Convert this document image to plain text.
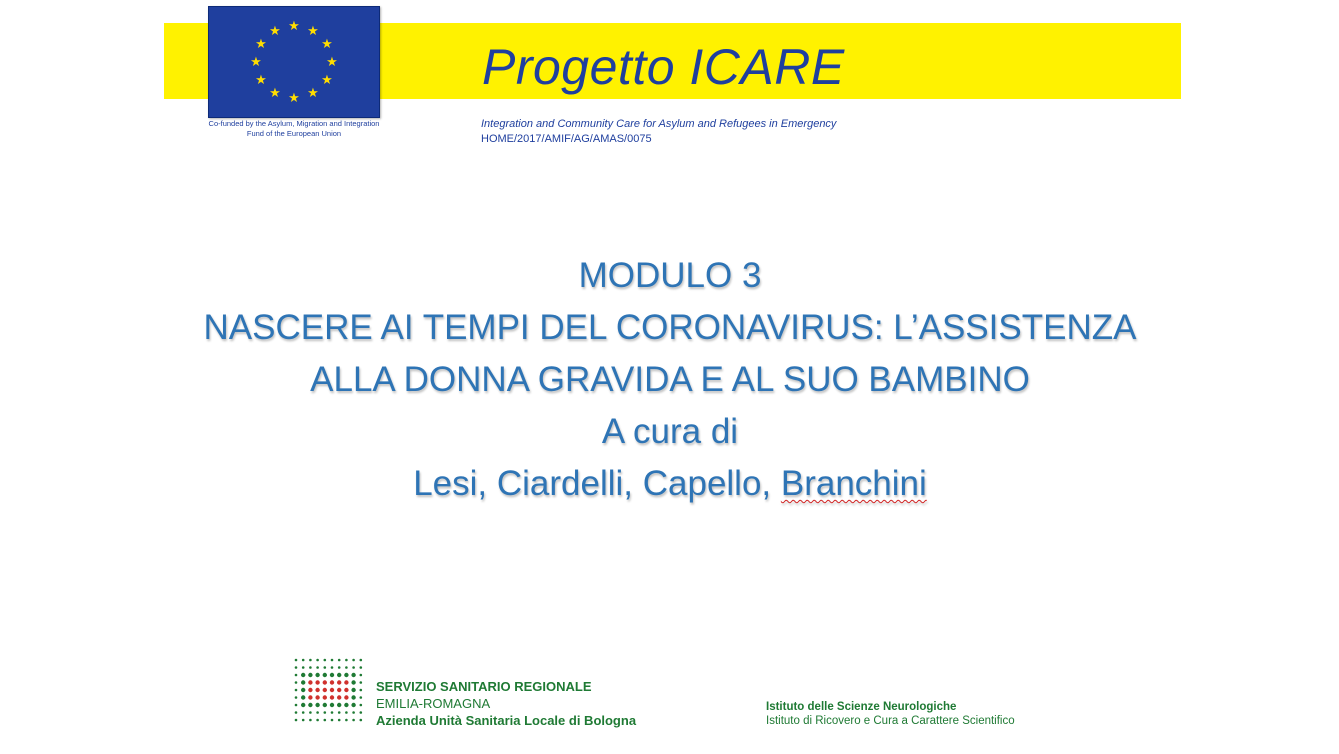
★ ★
★
★
★
★
★
★
★
★
★
★
Co-funded by the Asylum, Migration and Integration Fund of the European Union
Progetto ICARE
Integration and Community Care for Asylum and Refugees in Emergency
HOME/2017/AMIF/AG/AMAS/0075
MODULO 3
NASCERE AI TEMPI DEL CORONAVIRUS: L’ASSISTENZA
ALLA DONNA GRAVIDA E AL SUO BAMBINO
A cura di
Lesi, Ciardelli, Capello, Branchini
SERVIZIO SANITARIO REGIONALE
EMILIA-ROMAGNA
Azienda Unità Sanitaria Locale di Bologna
Istituto delle Scienze Neurologiche
Istituto di Ricovero e Cura a Carattere Scientifico
